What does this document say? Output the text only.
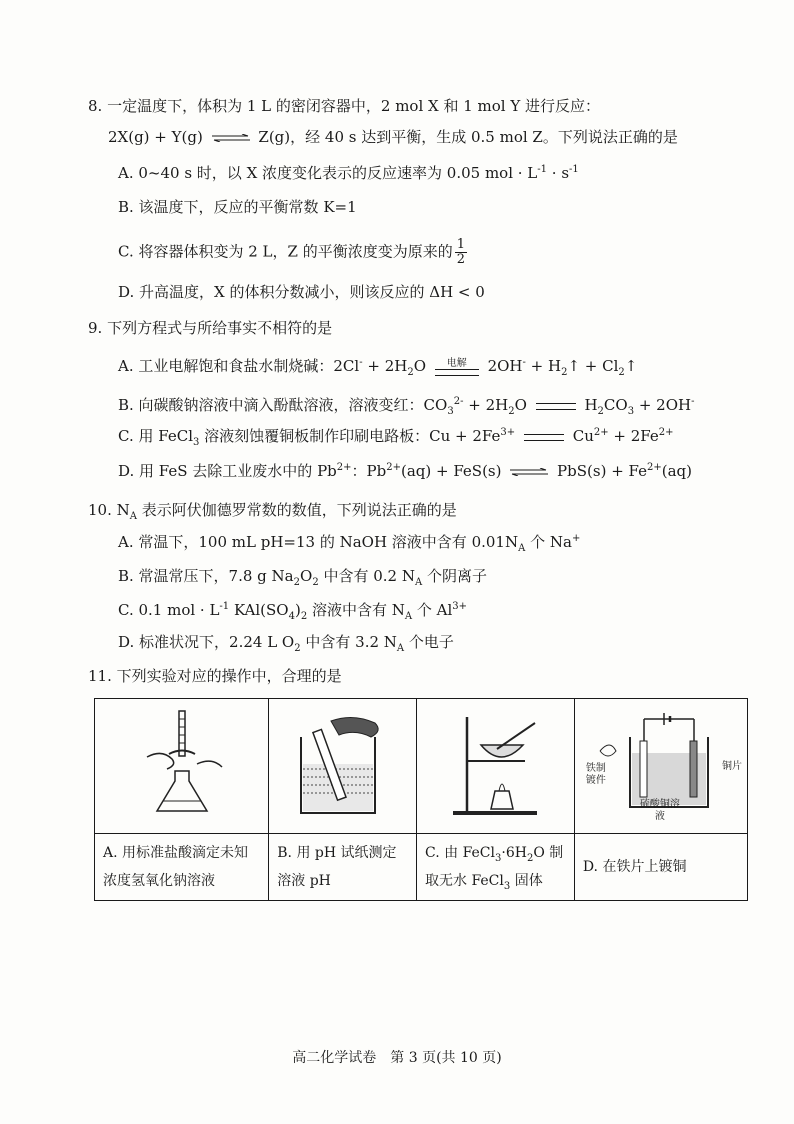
8. 一定温度下，体积为 1 L 的密闭容器中，2 mol X 和 1 mol Y 进行反应：
2X(g) + Y(g) ⇌ Z(g)，经 40 s 达到平衡，生成 0.5 mol Z。下列说法正确的是
A. 0~40 s 时，以 X 浓度变化表示的反应速率为 0.05 mol · $L^{-1} \cdot s^{-1}$
B. 该温度下，反应的平衡常数 K=1
C. 将容器体积变为 2 L，Z 的平衡浓度变为原来的 $\frac{1}{2}$
D. 升高温度，X 的体积分数减小，则该反应的 ΔH < 0
9. 下列方程式与所给事实不相符的是
A. 工业电解饱和食盐水制烧碱：$2Cl^- + 2H_2O$	电解	$2OH^- + H_2↑$ + $Cl_2↑$
B. 向碳酸钠溶液中滴入酚酞溶液，溶液变红：$CO_3^{2-} + 2H_2O$	$H_2CO_3 + 2OH^-$
C. 用 FeCl$_3$ 溶液刻蚀覆铜板制作印刷电路板：$Cu + 2Fe^{3+}$	$Cu^{2+} + 2Fe^{2+}$
D. 用 FeS 去除工业废水中的 $Pb^{2+}$：$Pb^{2+}(aq) + FeS(s)$ ⇌ $PbS(s) + Fe^{2+}(aq)$
10. $N_A$ 表示阿伏伽德罗常数的数值，下列说法正确的是
A. 常温下，100 mL pH=13 的 NaOH 溶液中含有 $0.01N_A$ 个 Na+
B. 常温常压下，7.8 g $Na_2O_2$ 中含有 0.2 $N_A$ 个阴离子
C. 0.1 mol · $L^{-1}$ $KAl(SO_4)_2$ 溶液中含有 $N_A$ 个 $Al^{3+}$
D. 标准状况下，2.24 L $O_2$ 中含有 3.2 $N_A$ 个电子
11. 下列实验对应的操作中，合理的是

铁制镀件
铜片
硫酸铜溶液

A. 用标准盐酸滴定未知浓度氢氧化钠溶液	B. 用 pH 试纸测定溶液 pH	C. 由 $FeCl_3\cdot 6H_2O$ 制取无水 FeCl$_3$ 固体	D. 在铁片上镀铜
高二化学试卷　第 3 页(共 10 页)
